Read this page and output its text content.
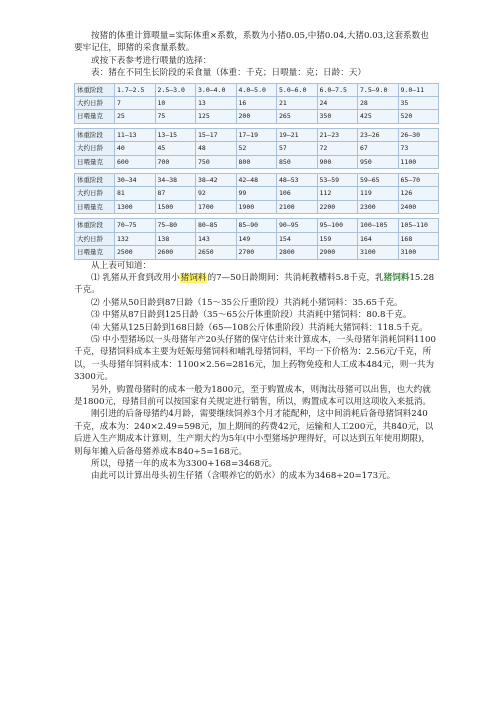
按猪的体重计算喂量=实际体重×系数，系数为小猪0.05,中猪0.04,大猪0.03,这套系数也要牢记住，即猪的采食量系数。

或按下表参考进行喂量的选择：

表：猪在不同生长阶段的采食量（体重：千克；日喂量：克；日龄：天）

体重阶段	1.7—2.5	2.5—3.0	3.0—4.0	4.0—5.0	5.0—6.0	6.0—7.5	7.5—9.0	9.0—11
大约日龄	7	10	13	16	21	24	28	35
日喂量克	25	75	125	200	265	350	425	520
体重阶段	11—13	13—15	15—17	17—19	19—21	21—23	23—26	26—30
大约日龄	40	45	48	52	57	72	67	73
日喂量克	600	700	750	800	850	900	950	1100
体重阶段	30—34	34—38	38—42	42—48	48—53	53—59	59—65	65—70
大约日龄	81	87	92	99	106	112	119	126
日喂量克	1300	1500	1700	1900	2100	2200	2300	2400
体重阶段	70—75	75—80	80—85	85—90	90—95	95—100	100—105	105—110
大约日龄	132	138	143	149	154	159	164	168
日喂量克	2500	2600	2650	2700	2800	2900	3100	3100

从上表可知道：

⑴ 乳猪从开食到改用小猪饲料的7—50日龄期间：共消耗教槽料5.8千克，乳猪饲料15.28千克。

⑵ 小猪从50日龄到87日龄（15～35公斤重阶段）共消耗小猪饲料：35.65千克。

⑶ 中猪从87日龄到125日龄（35～65公斤体重阶段）共消耗中猪饲料：80.8千克。

⑷ 大猪从125日龄到168日龄（65—108公斤体重阶段）共消耗大猪饲料：118.5千克。

⑸ 中小型猪场以一头母猪年产20头仔猪的保守估计来计算成本，一头母猪年消耗饲料1100千克，母猪饲料成本主要为妊娠母猪饲料和哺乳母猪饲料，平均一下价格为：2.56元/千克，所以，一头母猪年饲料成本：1100×2.56=2816元，加上药物免疫和人工成本484元，则一共为3300元。

另外，购置母猪时的成本一般为1800元，至于购置成本，则淘汰母猪可以出售，也大约就是1800元，母猪目前可以按国家有关规定进行销售，所以，购置成本可以用这项收入来抵消。

刚引进的后备母猪约4月龄，需要继续饲养3个月才能配种，这中间消耗后备母猪饲料240千克，成本为：240×2.49=598元，加上期间的药费42元，运输和人工200元，共840元，以后进入生产期成本计算则，生产期大约为5年(中小型猪场护理得好，可以达到五年使用期限)，则每年摊入后备母猪养成本840÷5=168元。

所以，母猪一年的成本为3300+168=3468元。

由此可以计算出母头初生仔猪（含喂养它的奶水）的成本为3468÷20=173元。
